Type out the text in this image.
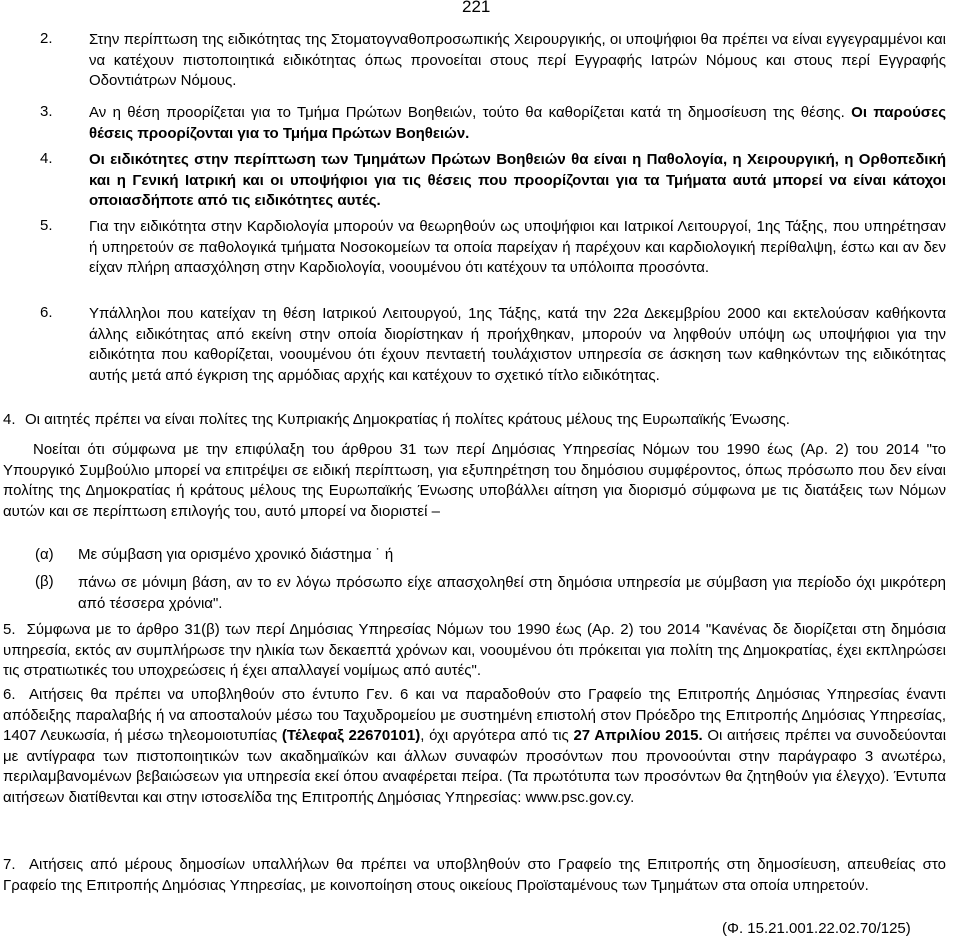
221
2. Στην περίπτωση της ειδικότητας της Στοματογναθοπροσωπικής Χειρουργικής, οι υποψήφιοι θα πρέπει να είναι εγγεγραμμένοι και να κατέχουν πιστοποιητικά ειδικότητας όπως προνοείται στους περί Εγγραφής Ιατρών Νόμους και στους περί Εγγραφής Οδοντιάτρων Νόμους.
3. Αν η θέση προορίζεται για το Τμήμα Πρώτων Βοηθειών, τούτο θα καθορίζεται κατά τη δημοσίευση της θέσης. Οι παρούσες θέσεις προορίζονται για το Τμήμα Πρώτων Βοηθειών.
4. Οι ειδικότητες στην περίπτωση των Τμημάτων Πρώτων Βοηθειών θα είναι η Παθολογία, η Χειρουργική, η Ορθοπεδική και η Γενική Ιατρική και οι υποψήφιοι για τις θέσεις που προορίζονται για τα Τμήματα αυτά μπορεί να είναι κάτοχοι οποιασδήποτε από τις ειδικότητες αυτές.
5. Για την ειδικότητα στην Καρδιολογία μπορούν να θεωρηθούν ως υποψήφιοι και Ιατρικοί Λειτουργοί, 1ης Τάξης, που υπηρέτησαν ή υπηρετούν σε παθολογικά τμήματα Νοσοκομείων τα οποία παρείχαν ή παρέχουν και καρδιολογική περίθαλψη, έστω και αν δεν είχαν πλήρη απασχόληση στην Καρδιολογία, νοουμένου ότι κατέχουν τα υπόλοιπα προσόντα.
6. Υπάλληλοι που κατείχαν τη θέση Ιατρικού Λειτουργού, 1ης Τάξης, κατά την 22α Δεκεμβρίου 2000 και εκτελούσαν καθήκοντα άλλης ειδικότητας από εκείνη στην οποία διορίστηκαν ή προήχθηκαν, μπορούν να ληφθούν υπόψη ως υποψήφιοι για την ειδικότητα που καθορίζεται, νοουμένου ότι έχουν πενταετή τουλάχιστον υπηρεσία σε άσκηση των καθηκόντων της ειδικότητας αυτής μετά από έγκριση της αρμόδιας αρχής και κατέχουν το σχετικό τίτλο ειδικότητας.
4. Οι αιτητές πρέπει να είναι πολίτες της Κυπριακής Δημοκρατίας ή πολίτες κράτους μέλους της Ευρωπαϊκής Ένωσης.
Νοείται ότι σύμφωνα με την επιφύλαξη του άρθρου 31 των περί Δημόσιας Υπηρεσίας Νόμων του 1990 έως (Αρ. 2) του 2014 "το Υπουργικό Συμβούλιο μπορεί να επιτρέψει σε ειδική περίπτωση, για εξυπηρέτηση του δημόσιου συμφέροντος, όπως πρόσωπο που δεν είναι πολίτης της Δημοκρατίας ή κράτους μέλους της Ευρωπαϊκής Ένωσης υποβάλλει αίτηση για διορισμό σύμφωνα με τις διατάξεις των Νόμων αυτών και σε περίπτωση επιλογής του, αυτό μπορεί να διοριστεί –
(α) Με σύμβαση για ορισμένο χρονικό διάστημα ˙ ή
(β) πάνω σε μόνιμη βάση, αν το εν λόγω πρόσωπο είχε απασχοληθεί στη δημόσια υπηρεσία με σύμβαση για περίοδο όχι μικρότερη από τέσσερα χρόνια".
5. Σύμφωνα με το άρθρο 31(β) των περί Δημόσιας Υπηρεσίας Νόμων του 1990 έως (Αρ. 2) του 2014 "Κανένας δε διορίζεται στη δημόσια υπηρεσία, εκτός αν συμπλήρωσε την ηλικία των δεκαεπτά χρόνων και, νοουμένου ότι πρόκειται για πολίτη της Δημοκρατίας, έχει εκπληρώσει τις στρατιωτικές του υποχρεώσεις ή έχει απαλλαγεί νομίμως από αυτές".
6. Αιτήσεις θα πρέπει να υποβληθούν στο έντυπο Γεν. 6 και να παραδοθούν στο Γραφείο της Επιτροπής Δημόσιας Υπηρεσίας έναντι απόδειξης παραλαβής ή να αποσταλούν μέσω του Ταχυδρομείου με συστημένη επιστολή στον Πρόεδρο της Επιτροπής Δημόσιας Υπηρεσίας, 1407 Λευκωσία, ή μέσω τηλεομοιοτυπίας (Τέλεφαξ 22670101), όχι αργότερα από τις 27 Απριλίου 2015. Οι αιτήσεις πρέπει να συνοδεύονται με αντίγραφα των πιστοποιητικών των ακαδημαϊκών και άλλων συναφών προσόντων που προνοούνται στην παράγραφο 3 ανωτέρω, περιλαμβανομένων βεβαιώσεων για υπηρεσία εκεί όπου αναφέρεται πείρα. (Τα πρωτότυπα των προσόντων θα ζητηθούν για έλεγχο). Έντυπα αιτήσεων διατίθενται και στην ιστοσελίδα της Επιτροπής Δημόσιας Υπηρεσίας: www.psc.gov.cy.
7. Αιτήσεις από μέρους δημοσίων υπαλλήλων θα πρέπει να υποβληθούν στο Γραφείο της Επιτροπής στη δημοσίευση, απευθείας στο Γραφείο της Επιτροπής Δημόσιας Υπηρεσίας, με κοινοποίηση στους οικείους Προϊσταμένους των Τμημάτων στα οποία υπηρετούν.
(Φ. 15.21.001.22.02.70/125)
